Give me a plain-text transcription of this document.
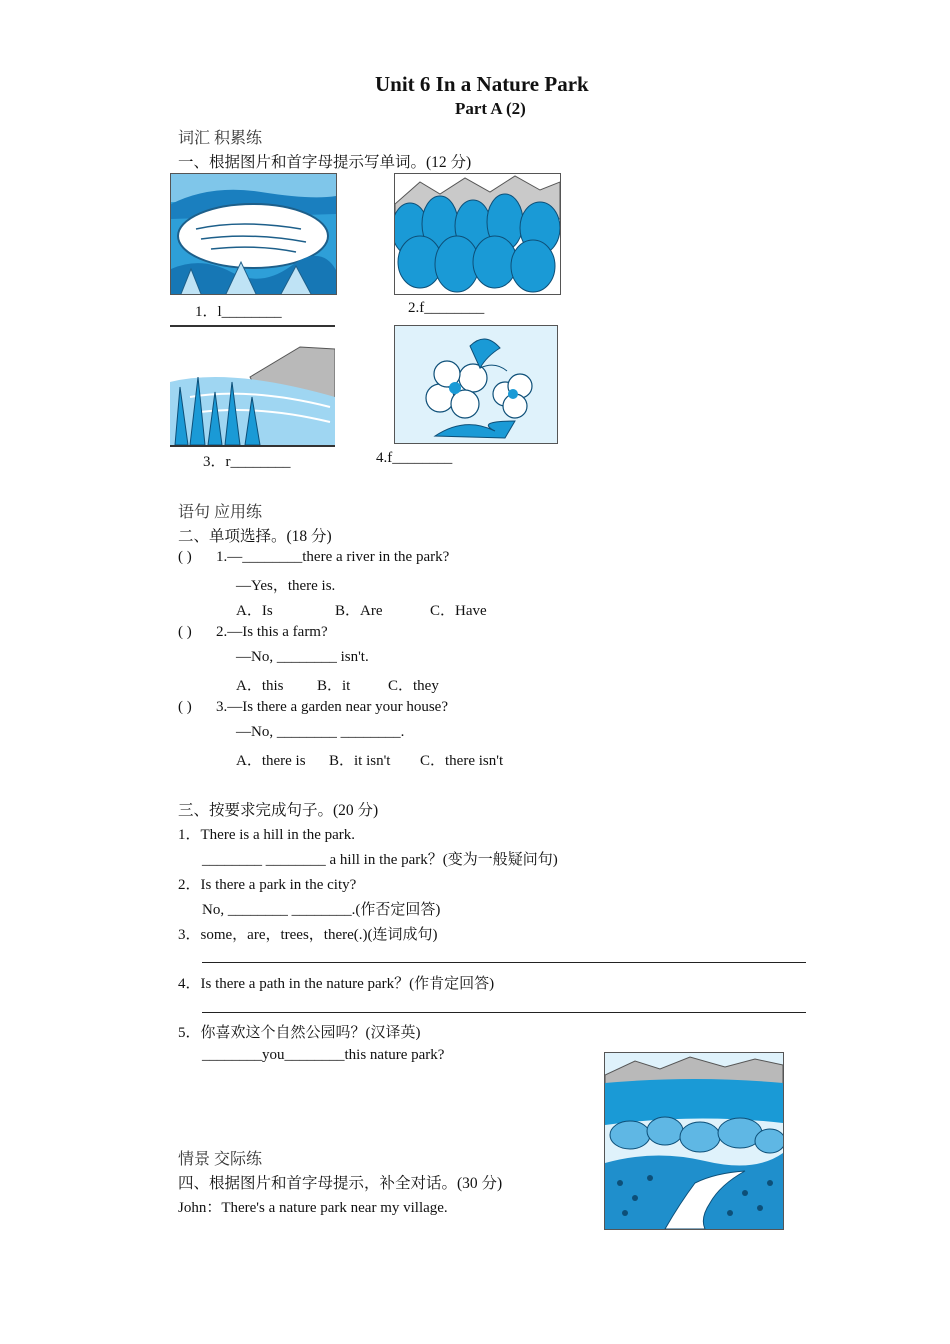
Unit 6 In a Nature Park
Part A (2)
词汇 积累练
一、根据图片和首字母提示写单词。(12 分)
1．l________	2.f________
3．r________	4.f________
语句 应用练
二、单项选择。(18 分)
( ) 1.—________there a river in the park?
—Yes，there is.
A．Is	B．Are	C．Have
( ) 2.—Is this a farm?
—No, ________ isn't.
A．this B．it	C．they
( ) 3.—Is there a garden near your house?
—No, ________ ________.
A．there is B．it isn't C．there isn't
三、按要求完成句子。(20 分)
1．There is a hill in the park.
________ ________ a hill in the park？(变为一般疑问句)
2．Is there a park in the city?
No, ________ ________.(作否定回答)
3．some，are，trees，there(.)(连词成句)
4．Is there a path in the nature park？(作肯定回答)
5．你喜欢这个自然公园吗？(汉译英)
________you________this nature park?
情景 交际练
四、根据图片和首字母提示，补全对话。(30 分)
John：There's a nature park near my village.
